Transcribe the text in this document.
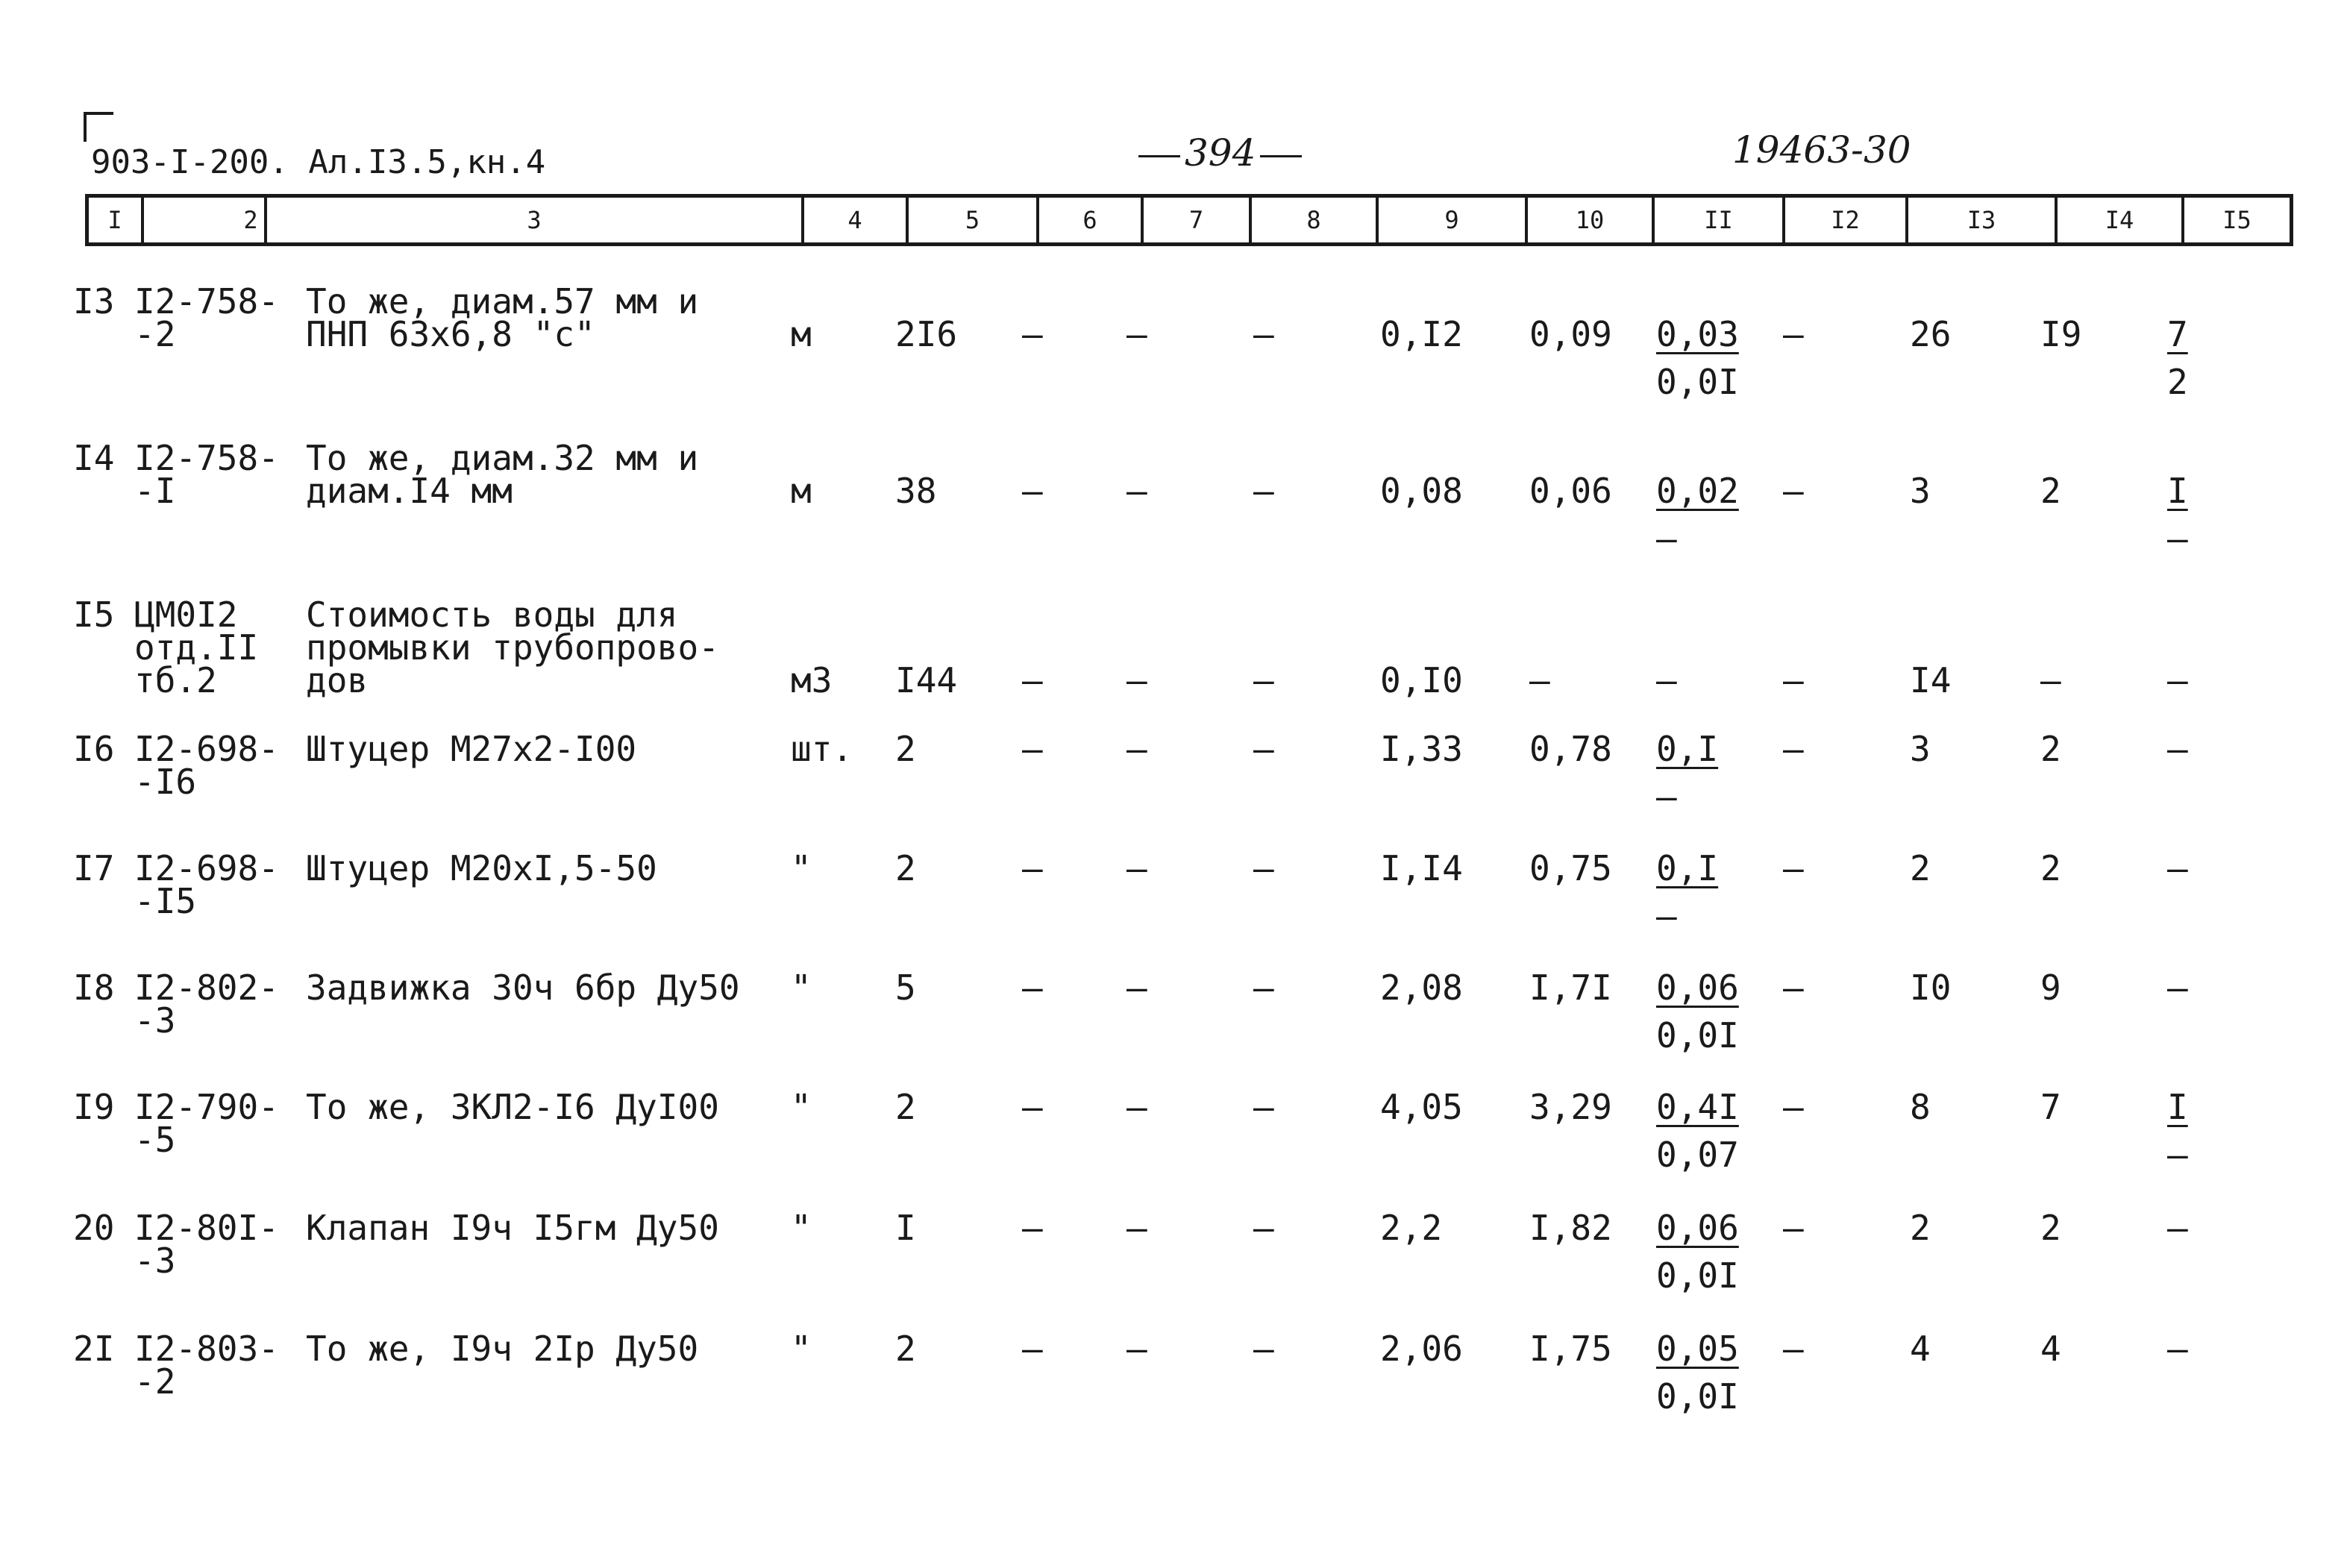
903-I-200. Ал.I3.5,кн.4	394	19463-30
I	2	3	4	5	6	7	8	9	10	II	I2	I3	I4	I5
I3 I2-758-
-2
То же, диам.57 мм и
ПНП 63х6,8 "с"	м 2I6 – –	–	0,I2 0,09 0,03
0,0I
–	26	I9 7
2
I4 I2-758-
-I
То же, диам.32 мм и
диам.I4 мм	м 38 – –	–	0,08 0,06 0,02
–
–	3	2	I
–
I5 ЦМ0I2
отд.II
тб.2
Стоимость воды для
промывки трубопрово-
дов	м3 I44 – –	–	0,I0 –	–	–	I4	–	–
I6 I2-698-
-I6
Штуцер М27х2-I00	шт. 2	– –	–	I,33 0,78 0,I
–
–	3	2	–
I7 I2-698-
-I5
Штуцер М20хI,5-50	" 2	– –	–	I,I4 0,75 0,I
–
–	2	2	–
I8 I2-802-
-3
Задвижка 30ч 6бр Ду50 " 5	– –	–	2,08 I,7I 0,06
0,0I
–	I0	9	–
I9 I2-790-
-5
То же, ЗКЛ2-I6 ДуI00 " 2	– –	–	4,05 3,29 0,4I
0,07
–	8	7	I
–
20 I2-80I-
-3
Клапан I9ч I5гм Ду50 " I	– –	–	2,2	I,82 0,06
0,0I
–	2	2	–
2I I2-803-
-2
То же, I9ч 2Iр Ду50	" 2	– –	–	2,06 I,75 0,05
0,0I
–	4	4	–
